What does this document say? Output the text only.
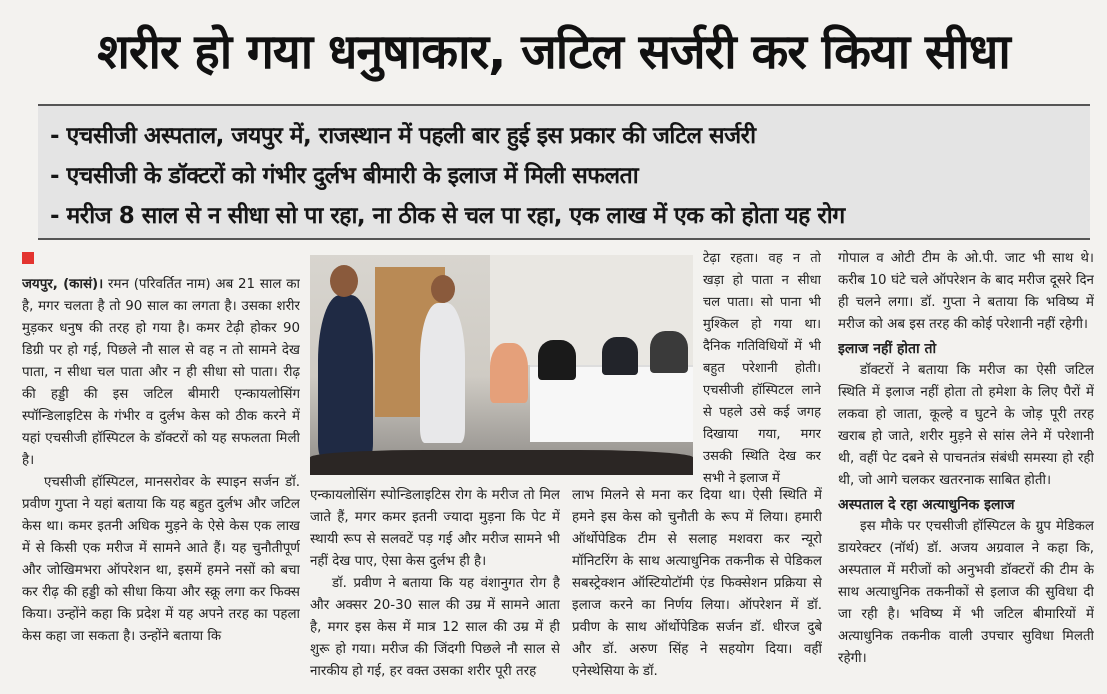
शरीर हो गया धनुषाकार, जटिल सर्जरी कर किया सीधा
- एचसीजी अस्पताल, जयपुर में, राजस्थान में पहली बार हुई इस प्रकार की जटिल सर्जरी
- एचसीजी के डॉक्टरों को गंभीर दुर्लभ बीमारी के इलाज में मिली सफलता
- मरीज 8 साल से न सीधा सो पा रहा, ना ठीक से चल पा रहा, एक लाख में एक को होता यह रोग

जयपुर, (कासं)। रमन (परिवर्तित नाम) अब 21 साल का है, मगर चलता है तो 90 साल का लगता है। उसका शरीर मुड़कर धनुष की तरह हो गया है। कमर टेढ़ी होकर 90 डिग्री पर हो गई, पिछले नौ साल से वह न तो सामने देख पाता, न सीधा चल पाता और न ही सीधा सो पाता। रीढ़ की हड्डी की इस जटिल बीमारी एन्कायलोसिंग स्पॉन्डिलाइटिस के गंभीर व दुर्लभ केस को ठीक करने में यहां एचसीजी हॉस्पिटल के डॉक्टरों को यह सफलता मिली है।

एचसीजी हॉस्पिटल, मानसरोवर के स्पाइन सर्जन डॉ. प्रवीण गुप्ता ने यहां बताया कि यह बहुत दुर्लभ और जटिल केस था। कमर इतनी अधिक मुड़ने के ऐसे केस एक लाख में से किसी एक मरीज में सामने आते हैं। यह चुनौतीपूर्ण और जोखिमभरा ऑपरेशन था, इसमें हमने नसों को बचा कर रीढ़ की हड्डी को सीधा किया और स्क्रू लगा कर फिक्स किया। उन्होंने कहा कि प्रदेश में यह अपने तरह का पहला केस कहा जा सकता है। उन्होंने बताया कि

टेढ़ा रहता। वह न तो खड़ा हो पाता न सीधा चल पाता। सो पाना भी मुश्किल हो गया था। दैनिक गतिविधियों में भी बहुत परेशानी होती। एचसीजी हॉस्पिटल लाने से पहले उसे कई जगह दिखाया गया, मगर उसकी स्थिति देख कर सभी ने इलाज में

एन्कायलोसिंग स्पोन्डिलाइटिस रोग के मरीज तो मिल जाते हैं, मगर कमर इतनी ज्यादा मुड़ना कि पेट में स्थायी रूप से सलवटें पड़ गई और मरीज सामने भी नहीं देख पाए, ऐसा केस दुर्लभ ही है।

डॉ. प्रवीण ने बताया कि यह वंशानुगत रोग है और अक्सर 20-30 साल की उम्र में सामने आता है, मगर इस केस में मात्र 12 साल की उम्र में ही शुरू हो गया। मरीज की जिंदगी पिछले नौ साल से नारकीय हो गई, हर वक्त उसका शरीर पूरी तरह

लाभ मिलने से मना कर दिया था। ऐसी स्थिति में हमने इस केस को चुनौती के रूप में लिया। हमारी ऑर्थोपेडिक टीम से सलाह मशवरा कर न्यूरो मॉनिटरिंग के साथ अत्याधुनिक तकनीक से पेडिकल सबस्ट्रेक्शन ऑस्टियोटॉमी एंड फिक्सेशन प्रक्रिया से इलाज करने का निर्णय लिया। ऑपरेशन में डॉ. प्रवीण के साथ ऑर्थोपेडिक सर्जन डॉ. धीरज दुबे और डॉ. अरुण सिंह ने सहयोग दिया। वहीं एनेस्थेसिया के डॉ.

गोपाल व ओटी टीम के ओ.पी. जाट भी साथ थे। करीब 10 घंटे चले ऑपरेशन के बाद मरीज दूसरे दिन ही चलने लगा। डॉ. गुप्ता ने बताया कि भविष्य में मरीज को अब इस तरह की कोई परेशानी नहीं रहेगी।

इलाज नहीं होता तो

डॉक्टरों ने बताया कि मरीज का ऐसी जटिल स्थिति में इलाज नहीं होता तो हमेशा के लिए पैरों में लकवा हो जाता, कूल्हे व घुटने के जोड़ पूरी तरह खराब हो जाते, शरीर मुड़ने से सांस लेने में परेशानी थी, वहीं पेट दबने से पाचनतंत्र संबंधी समस्या हो रही थी, जो आगे चलकर खतरनाक साबित होती।

अस्पताल दे रहा अत्याधुनिक इलाज

इस मौके पर एचसीजी हॉस्पिटल के ग्रुप मेडिकल डायरेक्टर (नॉर्थ) डॉ. अजय अग्रवाल ने कहा कि, अस्पताल में मरीजों को अनुभवी डॉक्टरों की टीम के साथ अत्याधुनिक तकनीकों से इलाज की सुविधा दी जा रही है। भविष्य में भी जटिल बीमारियों में अत्याधुनिक तकनीक वाली उपचार सुविधा मिलती रहेगी।
